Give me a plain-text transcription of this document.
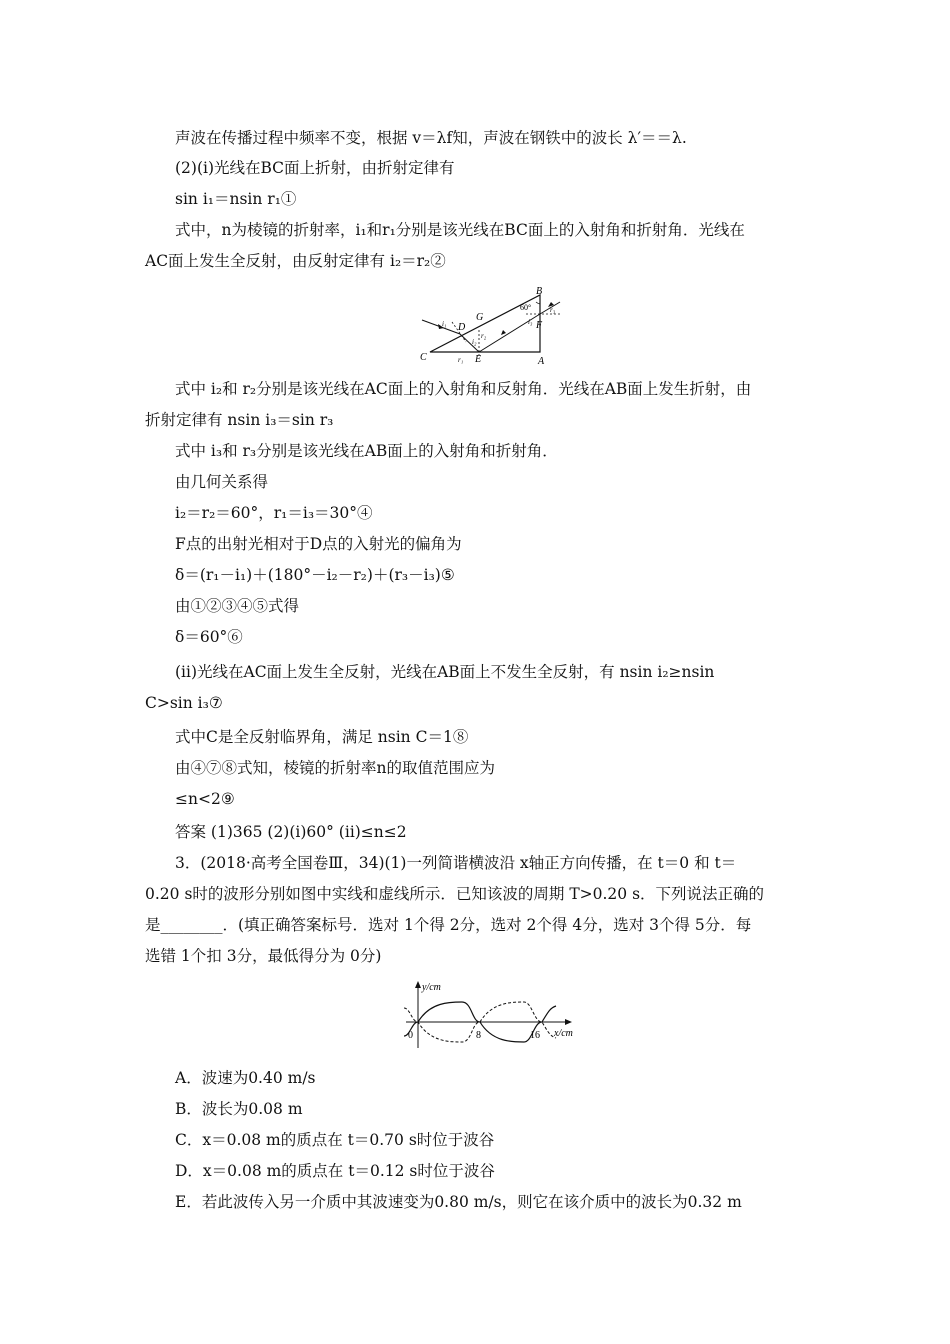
声波在传播过程中频率不变，根据 v＝λf知，声波在钢铁中的波长 λ′＝＝λ.
(2)(ⅰ)光线在BC面上折射，由折射定律有
sin i₁＝nsin r₁①
式中，n为棱镜的折射率，i₁和r₁分别是该光线在BC面上的入射角和折射角．光线在
AC面上发生全反射，由反射定律有 i₂＝r₂②
B
C	A
D
E
F
G
60°
i₁
r₁
i₂
r₂
i₃
r₃
式中 i₂和 r₂分别是该光线在AC面上的入射角和反射角．光线在AB面上发生折射，由
折射定律有 nsin i₃＝sin r₃
式中 i₃和 r₃分别是该光线在AB面上的入射角和折射角．
由几何关系得
i₂＝r₂＝60°，r₁＝i₃＝30°④
F点的出射光相对于D点的入射光的偏角为
δ＝(r₁－i₁)＋(180°－i₂－r₂)＋(r₃－i₃)⑤
由①②③④⑤式得
δ＝60°⑥
(ⅱ)光线在AC面上发生全反射，光线在AB面上不发生全反射，有 nsin i₂≥nsin
C>sin i₃⑦
式中C是全反射临界角，满足 nsin C＝1⑧
由④⑦⑧式知，棱镜的折射率n的取值范围应为
≤n<2⑨
答案 (1)365 (2)(ⅰ)60° (ⅱ)≤n≤2
3．(2018·高考全国卷Ⅲ，34)(1)一列简谐横波沿 x轴正方向传播，在 t＝0 和 t＝
0.20 s时的波形分别如图中实线和虚线所示．已知该波的周期 T>0.20 s．下列说法正确的
是________．(填正确答案标号．选对 1个得 2分，选对 2个得 4分，选对 3个得 5分．每
选错 1个扣 3分，最低得分为 0分)
y/cm
x/cm
0	8	16
A．波速为0.40 m/s
B．波长为0.08 m
C．x＝0.08 m的质点在 t＝0.70 s时位于波谷
D．x＝0.08 m的质点在 t＝0.12 s时位于波谷
E．若此波传入另一介质中其波速变为0.80 m/s，则它在该介质中的波长为0.32 m
